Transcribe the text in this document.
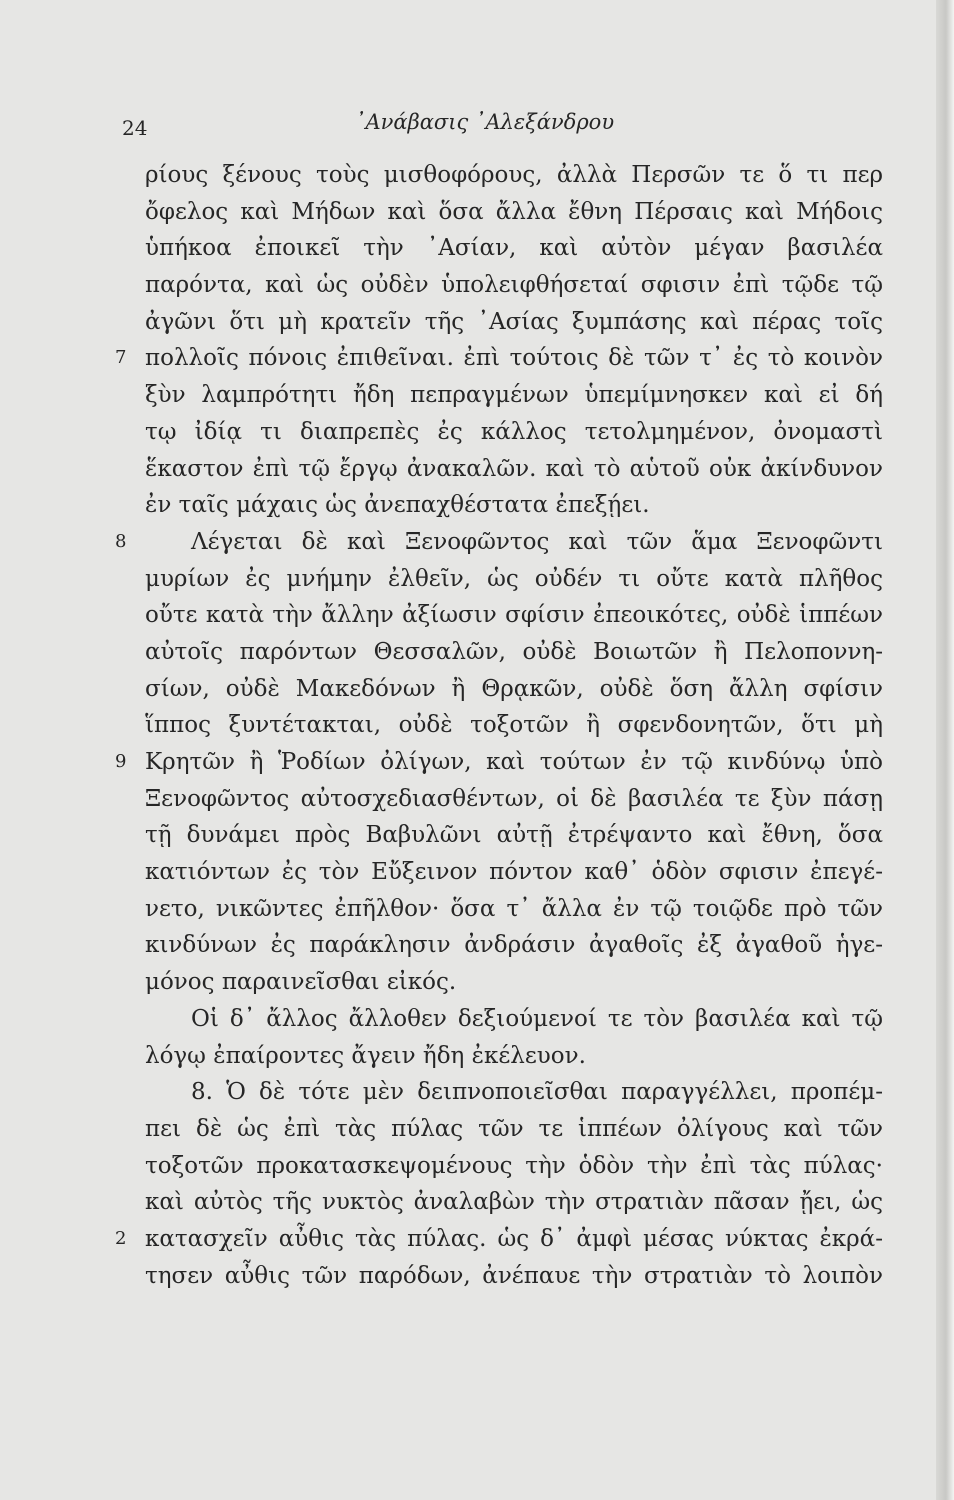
24	᾿Ανάβασις ᾿Αλεξάνδρου
ρίους ξένους τοὺς μισθοφόρους, ἀλλὰ Περσῶν τε ὅ τι περ
ὄφελος καὶ Μήδων καὶ ὅσα ἄλλα ἔθνη Πέρσαις καὶ Μήδοις
ὑπήκοα ἐποικεῖ τὴν ᾿Ασίαν, καὶ αὐτὸν μέγαν βασιλέα
παρόντα, καὶ ὡς οὐδὲν ὑπολειφθήσεταί σφισιν ἐπὶ τῷδε τῷ
ἀγῶνι ὅτι μὴ κρατεῖν τῆς ᾿Ασίας ξυμπάσης καὶ πέρας τοῖς
7 πολλοῖς πόνοις ἐπιθεῖναι. ἐπὶ τούτοις δὲ τῶν τ᾿ ἐς τὸ κοινὸν
ξὺν λαμπρότητι ἤδη πεπραγμένων ὑπεμίμνησκεν καὶ εἰ δή
τῳ ἰδίᾳ τι διαπρεπὲς ἐς κάλλος τετολμημένον, ὀνομαστὶ
ἕκαστον ἐπὶ τῷ ἔργῳ ἀνακαλῶν. καὶ τὸ αὑτοῦ οὐκ ἀκίνδυνον
ἐν ταῖς μάχαις ὡς ἀνεπαχθέστατα ἐπεξῄει.
8	Λέγεται δὲ καὶ Ξενοφῶντος καὶ τῶν ἅμα Ξενοφῶντι
μυρίων ἐς μνήμην ἐλθεῖν, ὡς οὐδέν τι οὔτε κατὰ πλῆθος
οὔτε κατὰ τὴν ἄλλην ἀξίωσιν σφίσιν ἐπεοικότες, οὐδὲ ἱππέων
αὐτοῖς παρόντων Θεσσαλῶν, οὐδὲ Βοιωτῶν ἢ Πελοποννη-
σίων, οὐδὲ Μακεδόνων ἢ Θρᾳκῶν, οὐδὲ ὅση ἄλλη σφίσιν
ἵππος ξυντέτακται, οὐδὲ τοξοτῶν ἢ σφενδονητῶν, ὅτι μὴ
9 Κρητῶν ἢ Ῥοδίων ὀλίγων, καὶ τούτων ἐν τῷ κινδύνῳ ὑπὸ
Ξενοφῶντος αὐτοσχεδιασθέντων, οἱ δὲ βασιλέα τε ξὺν πάσῃ
τῇ δυνάμει πρὸς Βαβυλῶνι αὐτῇ ἐτρέψαντο καὶ ἔθνη, ὅσα
κατιόντων ἐς τὸν Εὔξεινον πόντον καθ᾿ ὁδὸν σφισιν ἐπεγέ-
νετο, νικῶντες ἐπῆλθον· ὅσα τ᾿ ἄλλα ἐν τῷ τοιῷδε πρὸ τῶν
κινδύνων ἐς παράκλησιν ἀνδράσιν ἀγαθοῖς ἐξ ἀγαθοῦ ἡγε-
μόνος παραινεῖσθαι εἰκός.
Οἱ δ᾿ ἄλλος ἄλλοθεν δεξιούμενοί τε τὸν βασιλέα καὶ τῷ
λόγῳ ἐπαίροντες ἄγειν ἤδη ἐκέλευον.
8. Ὁ δὲ τότε μὲν δειπνοποιεῖσθαι παραγγέλλει, προπέμ-
πει δὲ ὡς ἐπὶ τὰς πύλας τῶν τε ἱππέων ὀλίγους καὶ τῶν
τοξοτῶν προκατασκεψομένους τὴν ὁδὸν τὴν ἐπὶ τὰς πύλας·
καὶ αὐτὸς τῆς νυκτὸς ἀναλαβὼν τὴν στρατιὰν πᾶσαν ᾔει, ὡς
2 κατασχεῖν αὖθις τὰς πύλας. ὡς δ᾿ ἀμφὶ μέσας νύκτας ἐκρά-
τησεν αὖθις τῶν παρόδων, ἀνέπαυε τὴν στρατιὰν τὸ λοιπὸν
